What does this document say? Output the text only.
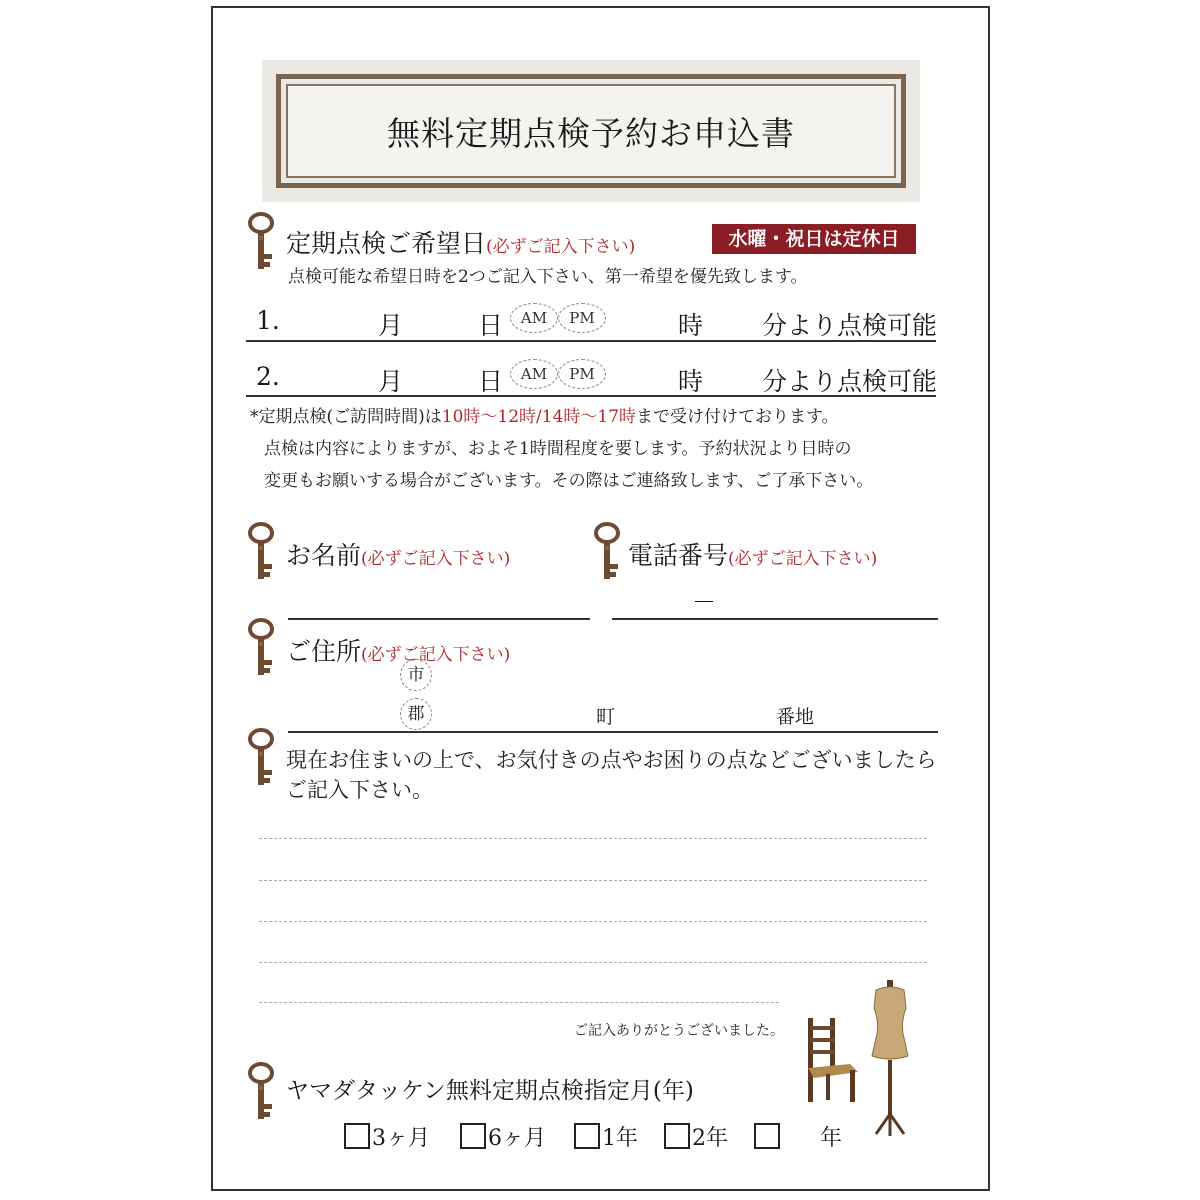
無料定期点検予約お申込書
定期点検ご希望日(必ずご記入下さい)	水曜・祝日は定休日
点検可能な希望日時を2つご記入下さい、第一希望を優先致します。
1.	月	日	AM	PM	時 分より点検可能
2.	月	日	AM	PM	時 分より点検可能
*定期点検(ご訪問時間)は10時～12時/14時～17時まで受け付けております。
点検は内容によりますが、およそ1時間程度を要します。予約状況より日時の
変更もお願いする場合がございます。その際はご連絡致します、ご了承下さい。
お名前(必ずご記入下さい)	電話番号(必ずご記入下さい)
－
ご住所(必ずご記入下さい)
市
郡	町	番地
現在お住まいの上で、お気付きの点やお困りの点などございましたら
ご記入下さい。
ご記入ありがとうございました。
ヤマダタッケン無料定期点検指定月(年)
3ヶ月	6ヶ月	1年 2年	年
